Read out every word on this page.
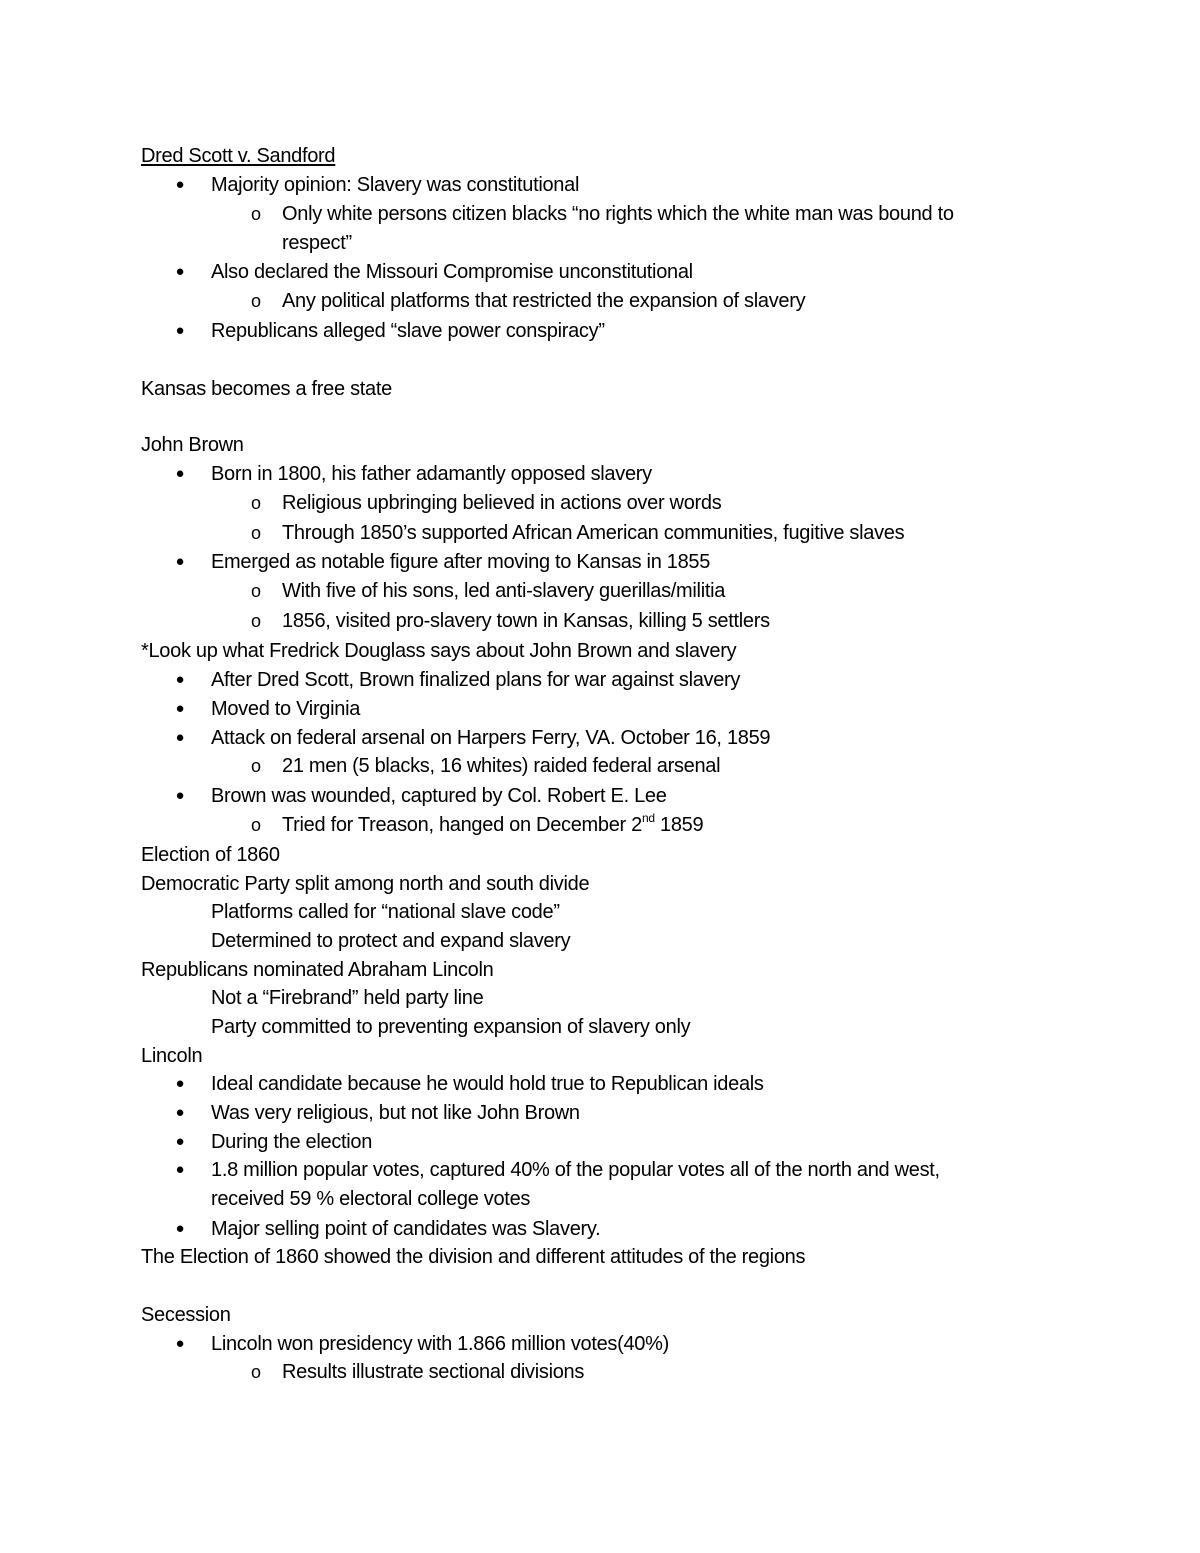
Dred Scott v. Sandford
● Majority opinion: Slavery was constitutional
o Only white persons citizen blacks “no rights which the white man was bound to
respect”
● Also declared the Missouri Compromise unconstitutional
o Any political platforms that restricted the expansion of slavery
● Republicans alleged “slave power conspiracy”
Kansas becomes a free state
John Brown
● Born in 1800, his father adamantly opposed slavery
o Religious upbringing believed in actions over words
o Through 1850’s supported African American communities, fugitive slaves
● Emerged as notable figure after moving to Kansas in 1855
o With five of his sons, led anti-slavery guerillas/militia
o 1856, visited pro-slavery town in Kansas, killing 5 settlers
*Look up what Fredrick Douglass says about John Brown and slavery
● After Dred Scott, Brown finalized plans for war against slavery
● Moved to Virginia
● Attack on federal arsenal on Harpers Ferry, VA. October 16, 1859
o 21 men (5 blacks, 16 whites) raided federal arsenal
● Brown was wounded, captured by Col. Robert E. Lee
o Tried for Treason, hanged on December 2nd 1859
Election of 1860
Democratic Party split among north and south divide
Platforms called for “national slave code”
Determined to protect and expand slavery
Republicans nominated Abraham Lincoln
Not a “Firebrand” held party line
Party committed to preventing expansion of slavery only
Lincoln
● Ideal candidate because he would hold true to Republican ideals
● Was very religious, but not like John Brown
● During the election
● 1.8 million popular votes, captured 40% of the popular votes all of the north and west,
received 59 % electoral college votes
● Major selling point of candidates was Slavery.
The Election of 1860 showed the division and different attitudes of the regions
Secession
● Lincoln won presidency with 1.866 million votes(40%)
o Results illustrate sectional divisions
